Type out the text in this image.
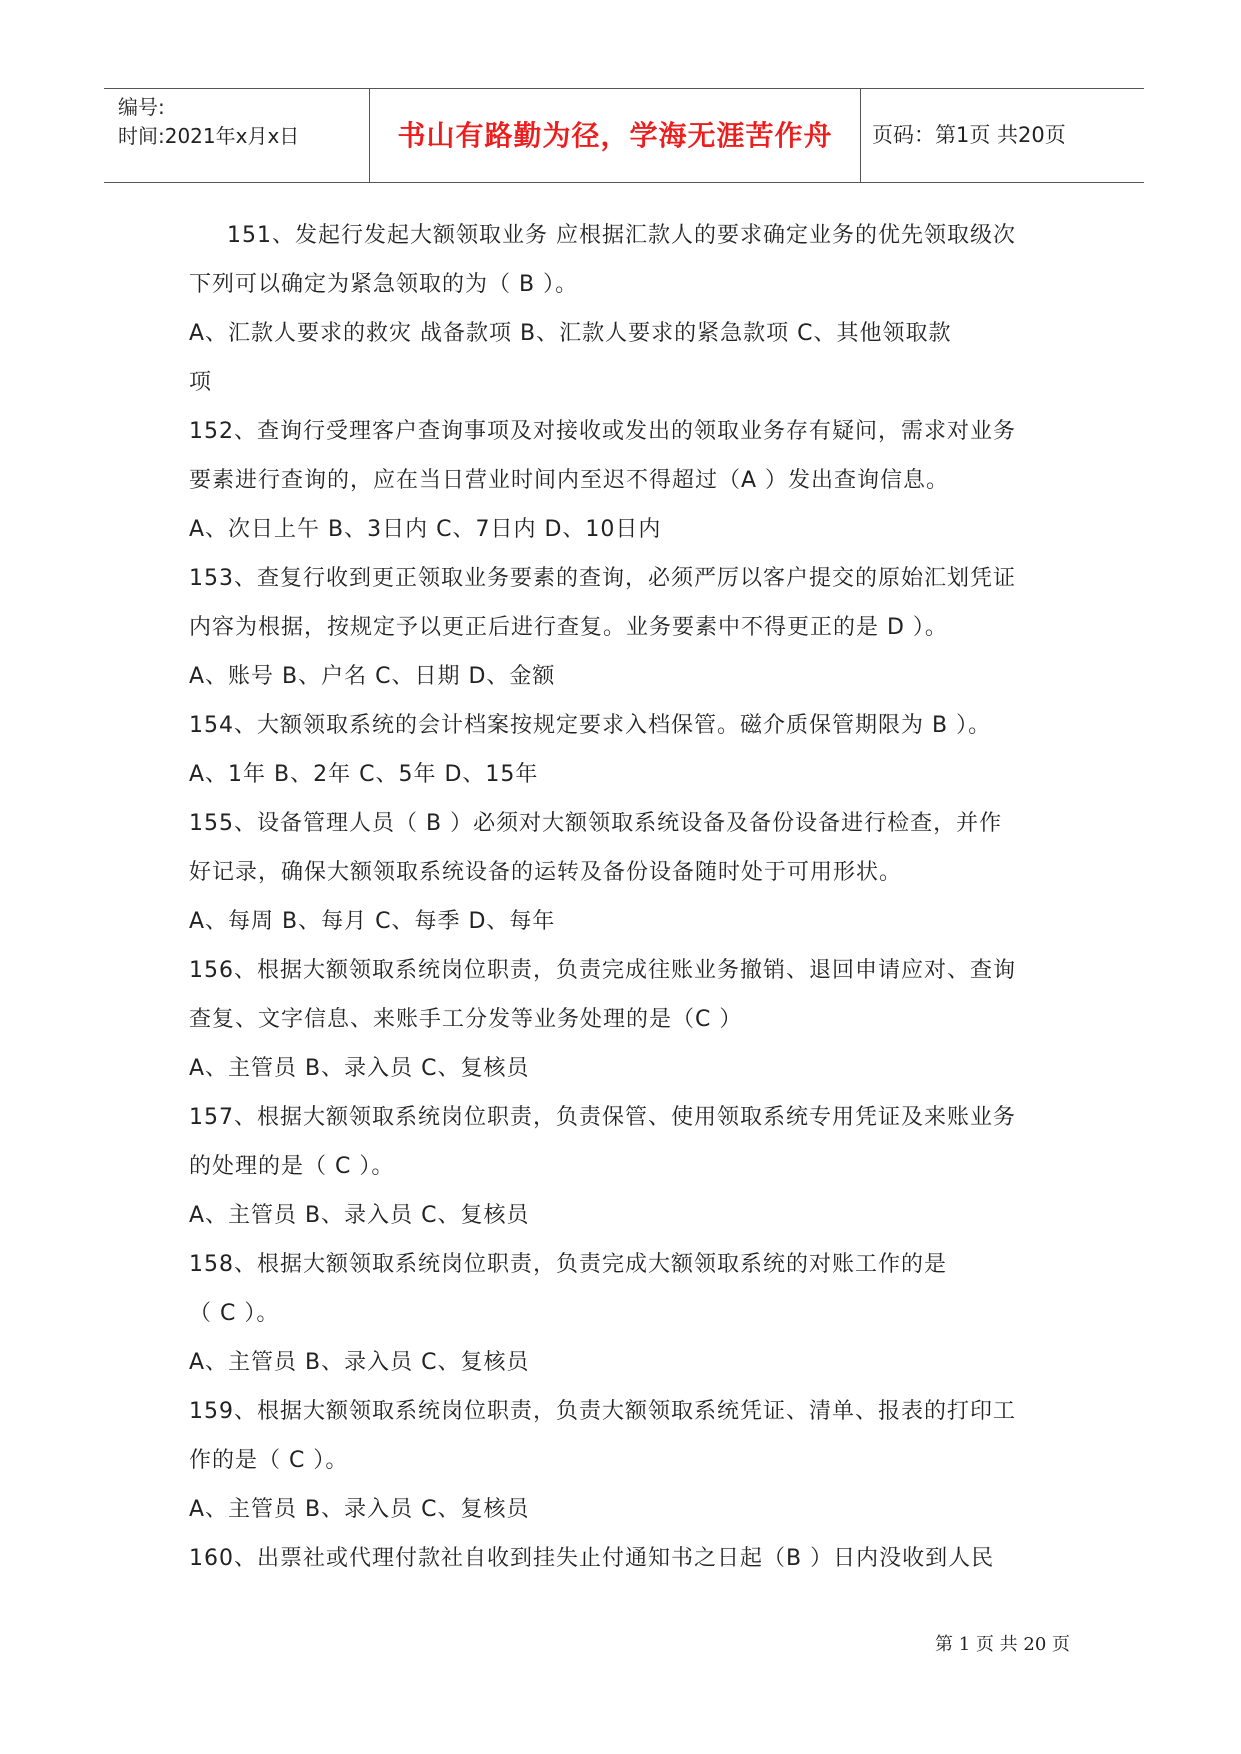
编号:
时间:2021年x月x日	书山有路勤为径，学海无涯苦作舟	页码：第1页 共20页
151、发起行发起大额领取业务 应根据汇款人的要求确定业务的优先领取级次
下列可以确定为紧急领取的为（ B ）。
A、汇款人要求的救灾 战备款项 B、汇款人要求的紧急款项 C、其他领取款
项
152、查询行受理客户查询事项及对接收或发出的领取业务存有疑问，需求对业务
要素进行查询的，应在当日营业时间内至迟不得超过（A ）发出查询信息。
A、次日上午 B、3日内 C、7日内 D、10日内
153、查复行收到更正领取业务要素的查询，必须严厉以客户提交的原始汇划凭证
内容为根据，按规定予以更正后进行查复。业务要素中不得更正的是 D ）。
A、账号 B、户名 C、日期 D、金额
154、大额领取系统的会计档案按规定要求入档保管。磁介质保管期限为 B ）。
A、1年 B、2年 C、5年 D、15年
155、设备管理人员（ B ）必须对大额领取系统设备及备份设备进行检查，并作
好记录，确保大额领取系统设备的运转及备份设备随时处于可用形状。
A、每周 B、每月 C、每季 D、每年
156、根据大额领取系统岗位职责，负责完成往账业务撤销、退回申请应对、查询
查复、文字信息、来账手工分发等业务处理的是（C ）
A、主管员 B、录入员 C、复核员
157、根据大额领取系统岗位职责，负责保管、使用领取系统专用凭证及来账业务
的处理的是（ C ）。
A、主管员 B、录入员 C、复核员
158、根据大额领取系统岗位职责，负责完成大额领取系统的对账工作的是
（ C ）。
A、主管员 B、录入员 C、复核员
159、根据大额领取系统岗位职责，负责大额领取系统凭证、清单、报表的打印工
作的是（ C ）。
A、主管员 B、录入员 C、复核员
160、出票社或代理付款社自收到挂失止付通知书之日起（B ）日内没收到人民
第 1 页 共 20 页
